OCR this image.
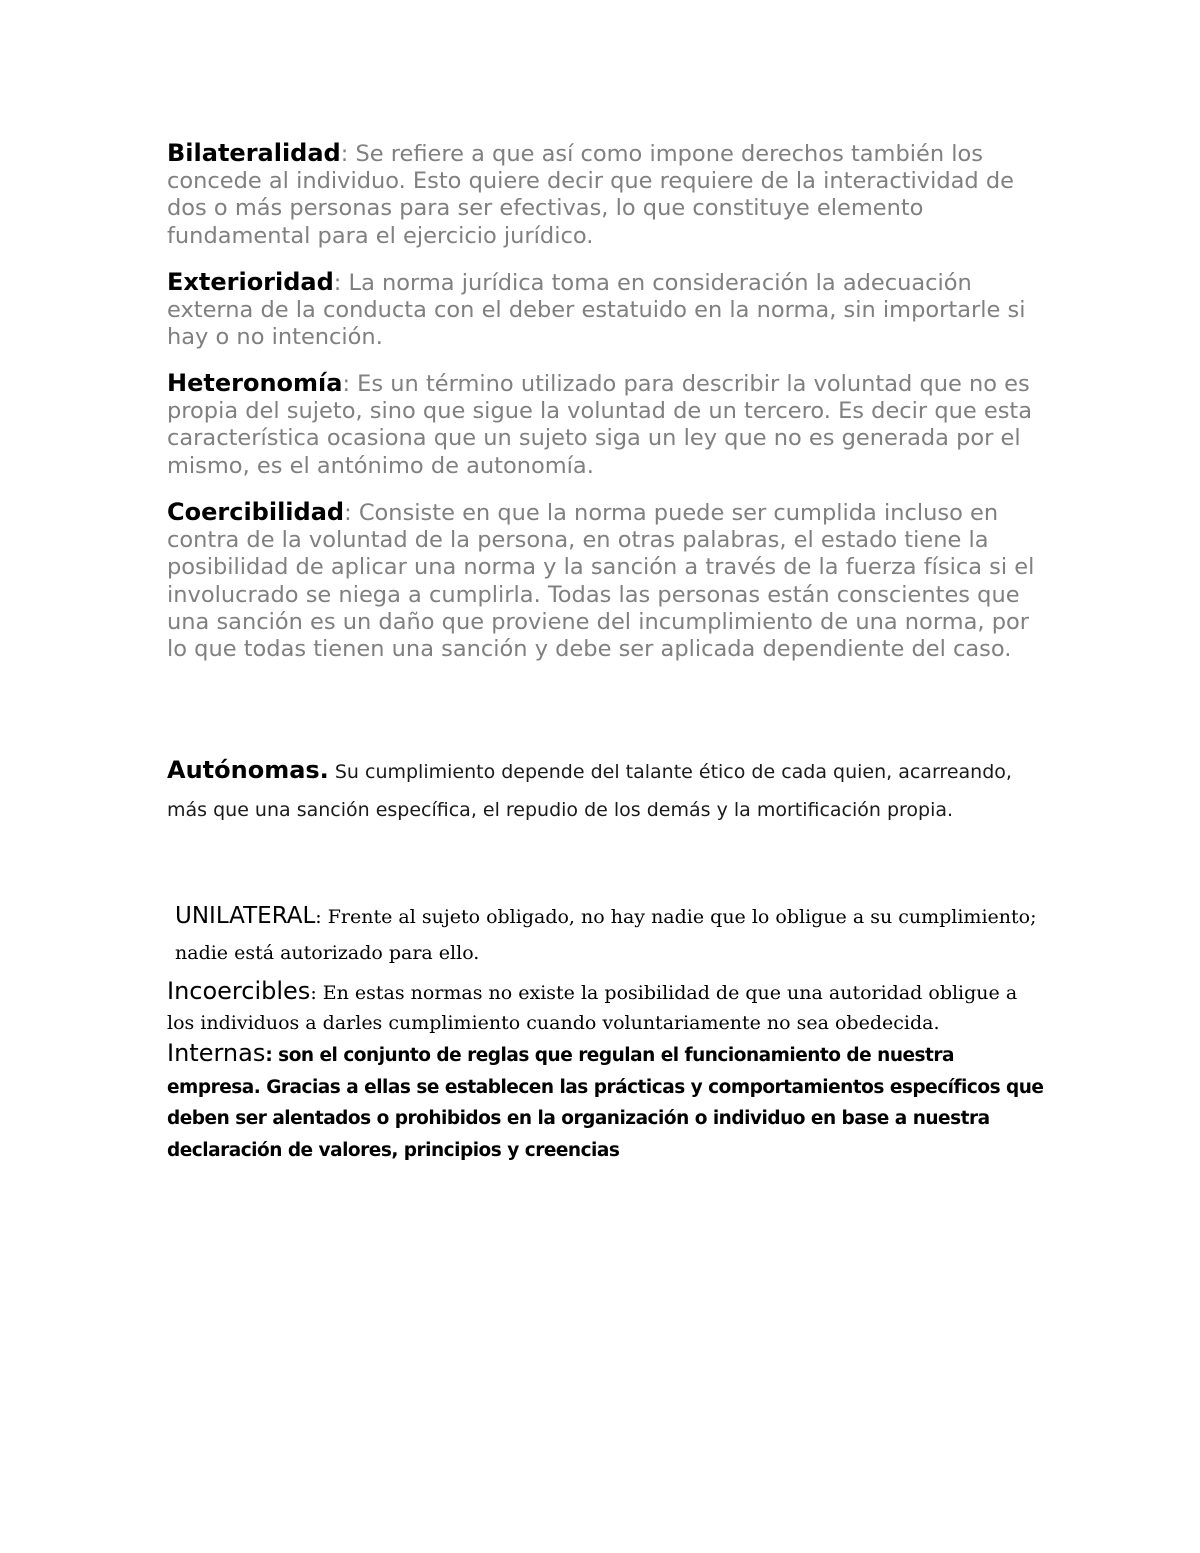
Bilateralidad: Se refiere a que así como impone derechos también los concede al individuo. Esto quiere decir que requiere de la interactividad de dos o más personas para ser efectivas, lo que constituye elemento fundamental para el ejercicio jurídico.

Exterioridad: La norma jurídica toma en consideración la adecuación externa de la conducta con el deber estatuido en la norma, sin importarle si hay o no intención.

Heteronomía: Es un término utilizado para describir la voluntad que no es propia del sujeto, sino que sigue la voluntad de un tercero. Es decir que esta característica ocasiona que un sujeto siga un ley que no es generada por el mismo, es el antónimo de autonomía.

Coercibilidad: Consiste en que la norma puede ser cumplida incluso en contra de la voluntad de la persona, en otras palabras, el estado tiene la posibilidad de aplicar una norma y la sanción a través de la fuerza física si el involucrado se niega a cumplirla. Todas las personas están conscientes que una sanción es un daño que proviene del incumplimiento de una norma, por lo que todas tienen una sanción y debe ser aplicada dependiente del caso.

Autónomas. Su cumplimiento depende del talante ético de cada quien, acarreando, más que una sanción específica, el repudio de los demás y la mortificación propia.

UNILATERAL: Frente al sujeto obligado, no hay nadie que lo obligue a su cumplimiento; nadie está autorizado para ello.

Incoercibles: En estas normas no existe la posibilidad de que una autoridad obligue a los individuos a darles cumplimiento cuando voluntariamente no sea obedecida.

Internas: son el conjunto de reglas que regulan el funcionamiento de nuestra empresa. Gracias a ellas se establecen las prácticas y comportamientos específicos que deben ser alentados o prohibidos en la organización o individuo en base a nuestra declaración de valores, principios y creencias
